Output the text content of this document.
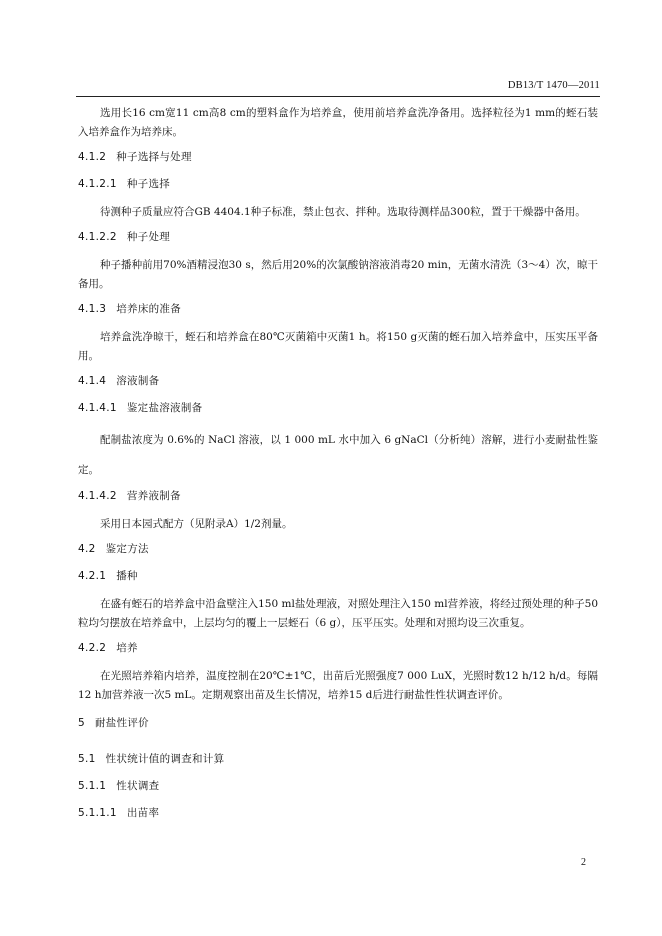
DB13/T 1470—2011

选用长16 cm宽11 cm高8 cm的塑料盒作为培养盒，使用前培养盒洗净备用。选择粒径为1 mm的蛭石装入培养盒作为培养床。

4.1.2 种子选择与处理
4.1.2.1 种子选择

待测种子质量应符合GB 4404.1种子标准，禁止包衣、拌种。选取待测样品300粒，置于干燥器中备用。

4.1.2.2 种子处理

种子播种前用70%酒精浸泡30 s，然后用20%的次氯酸钠溶液消毒20 min，无菌水清洗（3～4）次，晾干备用。

4.1.3 培养床的准备

培养盒洗净晾干，蛭石和培养盒在80℃灭菌箱中灭菌1 h。将150 g灭菌的蛭石加入培养盒中，压实压平备用。

4.1.4 溶液制备
4.1.4.1 鉴定盐溶液制备

配制盐浓度为 0.6%的 NaCl 溶液，以 1 000 mL 水中加入 6 gNaCl（分析纯）溶解，进行小麦耐盐性鉴定。

4.1.4.2 营养液制备

采用日本园式配方（见附录A）1/2剂量。

4.2 鉴定方法
4.2.1 播种

在盛有蛭石的培养盒中沿盒壁注入150 ml盐处理液，对照处理注入150 ml营养液，将经过预处理的种子50粒均匀摆放在培养盒中，上层均匀的覆上一层蛭石（6 g），压平压实。处理和对照均设三次重复。

4.2.2 培养

在光照培养箱内培养，温度控制在20℃±1℃，出苗后光照强度7 000 LuX，光照时数12 h/12 h/d。每隔12 h加营养液一次5 mL。定期观察出苗及生长情况，培养15 d后进行耐盐性性状调查评价。

5 耐盐性评价
5.1 性状统计值的调查和计算
5.1.1 性状调查
5.1.1.1 出苗率
2
